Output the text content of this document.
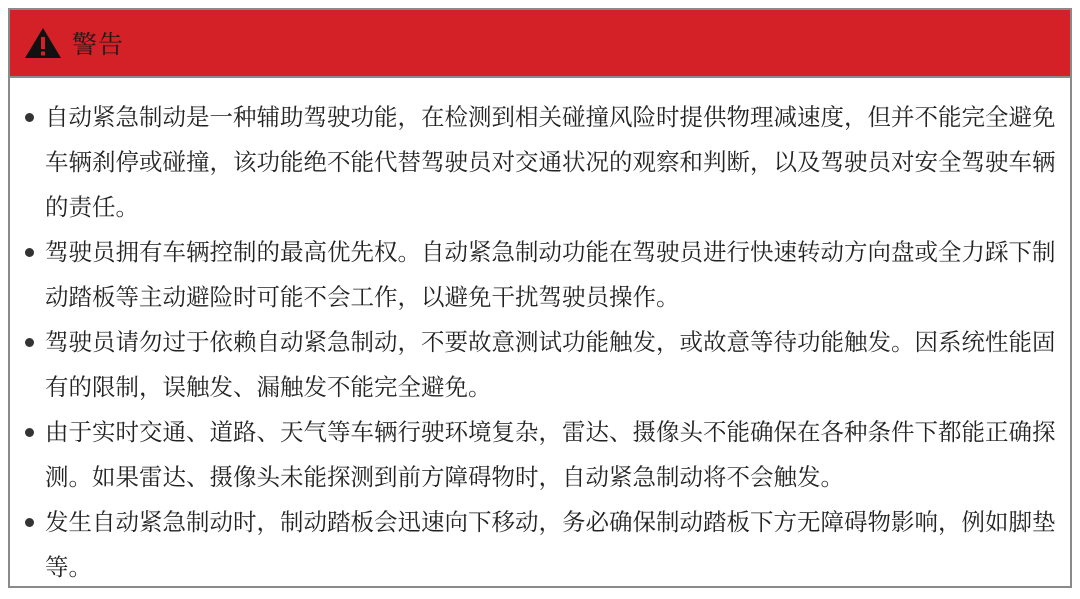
警告
自动紧急制动是一种辅助驾驶功能，在检测到相关碰撞风险时提供物理减速度，但并不能完全避免车辆刹停或碰撞，该功能绝不能代替驾驶员对交通状况的观察和判断，以及驾驶员对安全驾驶车辆的责任。
驾驶员拥有车辆控制的最高优先权。自动紧急制动功能在驾驶员进行快速转动方向盘或全力踩下制动踏板等主动避险时可能不会工作，以避免干扰驾驶员操作。
驾驶员请勿过于依赖自动紧急制动，不要故意测试功能触发，或故意等待功能触发。因系统性能固有的限制，误触发、漏触发不能完全避免。
由于实时交通、道路、天气等车辆行驶环境复杂，雷达、摄像头不能确保在各种条件下都能正确探测。如果雷达、摄像头未能探测到前方障碍物时，自动紧急制动将不会触发。
发生自动紧急制动时，制动踏板会迅速向下移动，务必确保制动踏板下方无障碍物影响，例如脚垫等。
